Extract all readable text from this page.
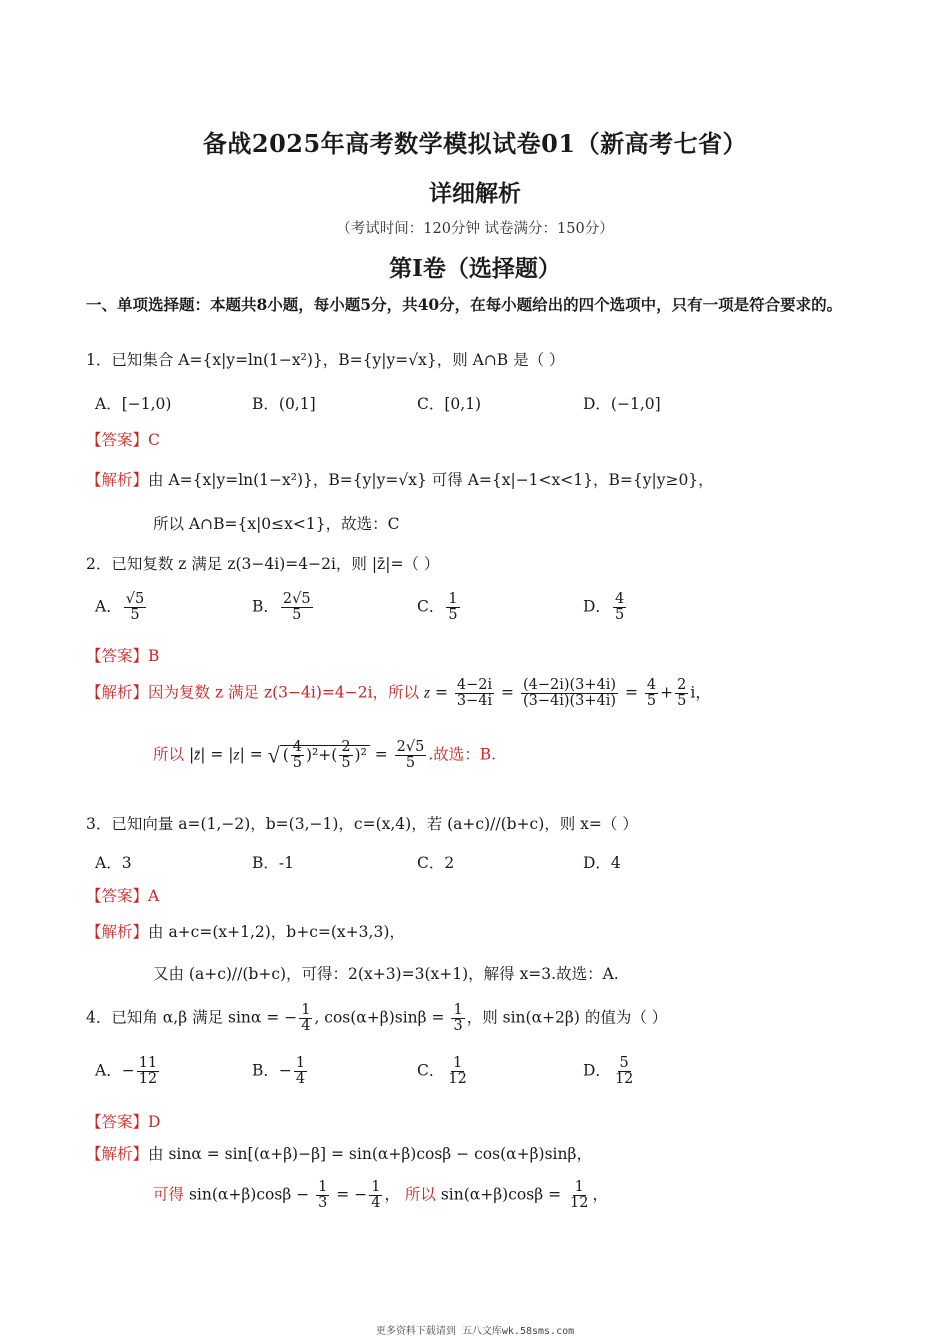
备战2025年高考数学模拟试卷01（新高考七省）
详细解析
（考试时间：120分钟 试卷满分：150分）
第I卷（选择题）
一、单项选择题：本题共8小题，每小题5分，共40分，在每小题给出的四个选项中，只有一项是符合要求的。
1．已知集合 A={x|y=ln(1−x²)}，B={y|y=√x}，则 A∩B 是（ ）
A．[−1,0)	B．(0,1]	C．[0,1)	D．(−1,0]
【答案】C
【解析】由 A={x|y=ln(1−x²)}，B={y|y=√x} 可得 A={x|−1<x<1}，B={y|y≥0}，
所以 A∩B={x|0≤x<1}，故选：C
2．已知复数 z 满足 z(3−4i)=4−2i，则 |z̄|=（ ）
A． $\frac{√5}{5}$	B． $\frac{2√5}{5}$	C． $\frac{1}{5}$	D． $\frac{4}{5}$
【答案】B
【解析】因为复数 z 满足 z(3−4i)=4−2i，所以 $z = \frac{4-2i}{3-4i} = \frac{(4-2i)(3+4i)}{(3-4i)(3+4i)} = \frac{4}{5} + \frac{2}{5}$ i，
所以 |z̄| = |z| = √ ( $\frac{4}{5} )^2+( \frac{2}{5} )^2 = \frac{2√5}{5}$ .故选：B.
3．已知向量 a=(1,−2)，b=(3,−1)，c=(x,4)，若 (a+c)//(b+c)，则 x=（ ）
A．3	B．-1	C．2	D．4
【答案】A
【解析】由 a+c=(x+1,2)，b+c=(x+3,3)，
又由 (a+c)//(b+c)，可得：2(x+3)=3(x+1)，解得 x=3.故选：A.
4．已知角 α,β 满足 sinα = − $\frac{1}{4}$ , $\cos(\alpha+\beta)\sin\beta = \frac{1}{3}$ ，则 sin(α+2β) 的值为（ ）
A．− $\frac{11}{12}$	B．− $\frac{1}{4}$	C． $\frac{1}{12}$	D． $\frac{5}{12}$
【答案】D
【解析】由 sinα = sin[(α+β)−β] = sin(α+β)cosβ − cos(α+β)sinβ，
可得 $\sin(\alpha+\beta)\cos\beta - \frac{1}{3}$ = − $\frac{1}{4}$ ， 所以 $\sin(\alpha+\beta)\cos\beta = \frac{1}{12}$ ，
更多资料下载请到 五八文库wk.58sms.com
